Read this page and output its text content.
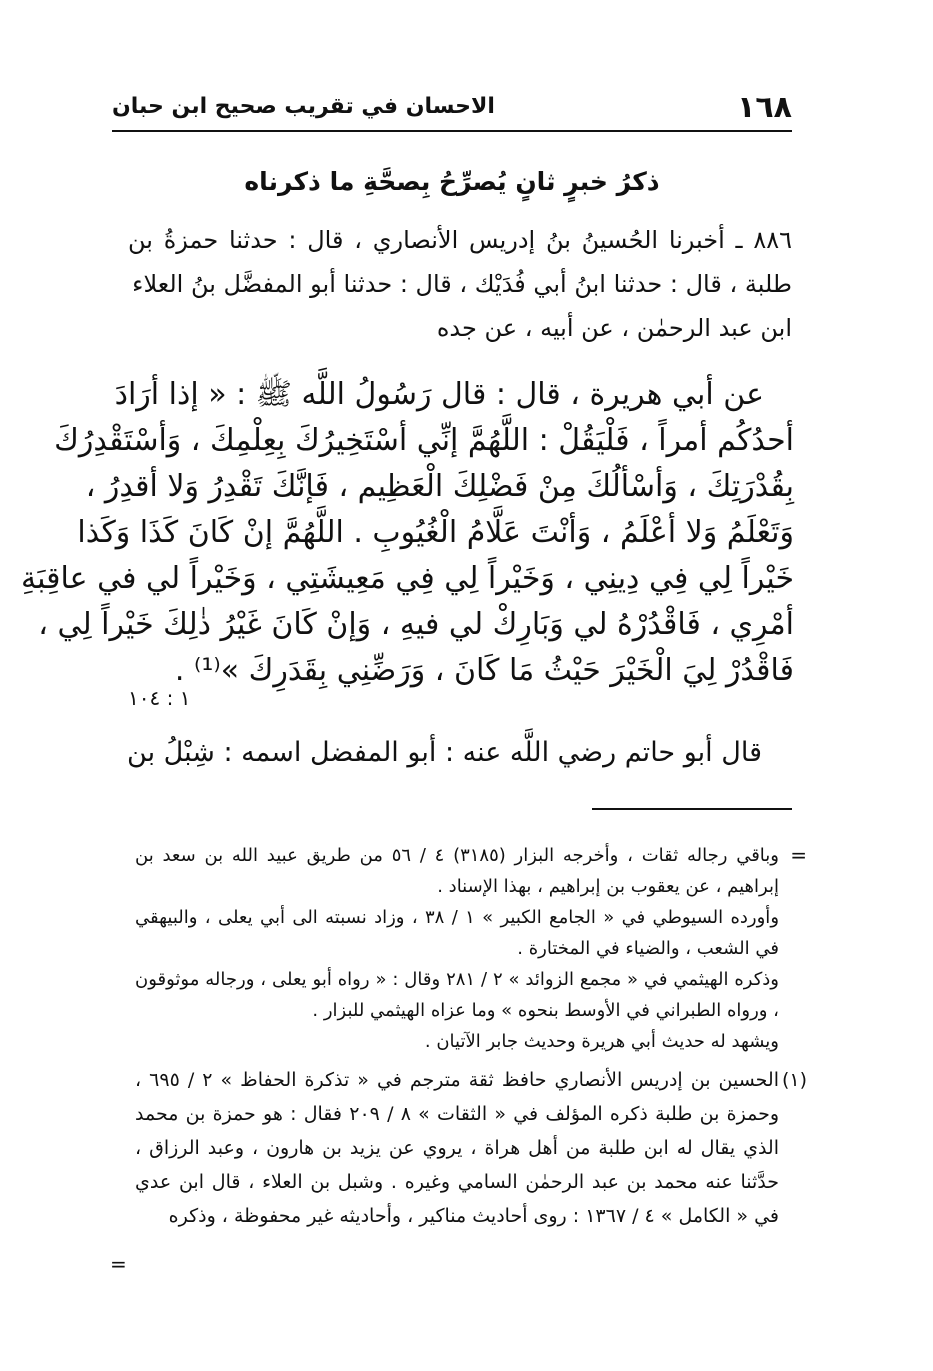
١٦٨
الاحسان في تقريب صحيح ابن حبان
ذكرُ خبرٍ ثانٍ يُصرِّحُ بِصحَّةِ ما ذكرناه

٨٨٦ ـ أخبرنا الحُسينُ بنُ إدريس الأنصاري ، قال : حدثنا حمزةُ بن طلبة ، قال : حدثنا ابنُ أبي فُدَيْك ، قال : حدثنا أبو المفضَّل بنُ العلاء

ابن عبد الرحمٰن ، عن أبيه ، عن جده

عن أبي هريرة ، قال : قال رَسُولُ اللَّه ﷺ : « إذا أرَادَ
أحدُكُم أمراً ، فَلْيَقُلْ : اللَّهُمَّ إنِّي أسْتَخِيرُكَ بِعِلْمِكَ ، وَأسْتَقْدِرُكَ
بِقُدْرَتِكَ ، وَأسْألُكَ مِنْ فَضْلِكَ الْعَظِيم ، فَإنَّكَ تَقْدِرُ وَلا أقدِرُ ،
وَتَعْلَمُ وَلا أعْلَمُ ، وَأنْتَ عَلَّامُ الْغُيُوبِ . اللَّهُمَّ إنْ كَانَ كَذَا وَكَذا
خَيْراً لِي فِي دِينِي ، وَخَيْراً لِي فِي مَعِيشَتِي ، وَخَيْراً لي في عاقِبَةِ
أمْرِي ، فَاقْدُرْهُ لي وَبَارِكْ لي فيهِ ، وَإنْ كَانَ غَيْرُ ذٰلِكَ خَيْراً لِي ،
فَاقْدُرْ لِيَ الْخَيْرَ حَيْثُ مَا كَانَ ، وَرَضِّنِي بِقَدَرِكَ »⁽¹⁾ .
١ : ١٠٤
قال أبو حاتم رضي اللَّه عنه : أبو المفضل اسمه : شِبْلُ بن
=

وباقي رجاله ثقات ، وأخرجه البزار (٣١٨٥) ٤ / ٥٦ من طريق عبيد الله بن سعد بن إبراهيم ، عن يعقوب بن إبراهيم ، بهذا الإسناد .

وأورده السيوطي في « الجامع الكبير » ١ / ٣٨ ، وزاد نسبته الى أبي يعلى ، والبيهقي في الشعب ، والضياء في المختارة .

وذكره الهيثمي في « مجمع الزوائد » ٢ / ٢٨١ وقال : « رواه أبو يعلى ، ورجاله موثوقون ، ورواه الطبراني في الأوسط بنحوه » وما عزاه الهيثمي للبزار .

ويشهد له حديث أبي هريرة وحديث جابر الآتيان .

(١)

الحسين بن إدريس الأنصاري حافظ ثقة مترجم في « تذكرة الحفاظ » ٢ / ٦٩٥ ، وحمزة بن طلبة ذكره المؤلف في « الثقات » ٨ / ٢٠٩ فقال : هو حمزة بن محمد الذي يقال له ابن طلبة من أهل هراة ، يروي عن يزيد بن هارون ، وعبد الرزاق ، حدَّثنا عنه محمد بن عبد الرحمٰن السامي وغيره . وشبل بن العلاء ، قال ابن عدي في « الكامل » ٤ / ١٣٦٧ : روى أحاديث مناكير ، وأحاديثه غير محفوظة ، وذكره

=
